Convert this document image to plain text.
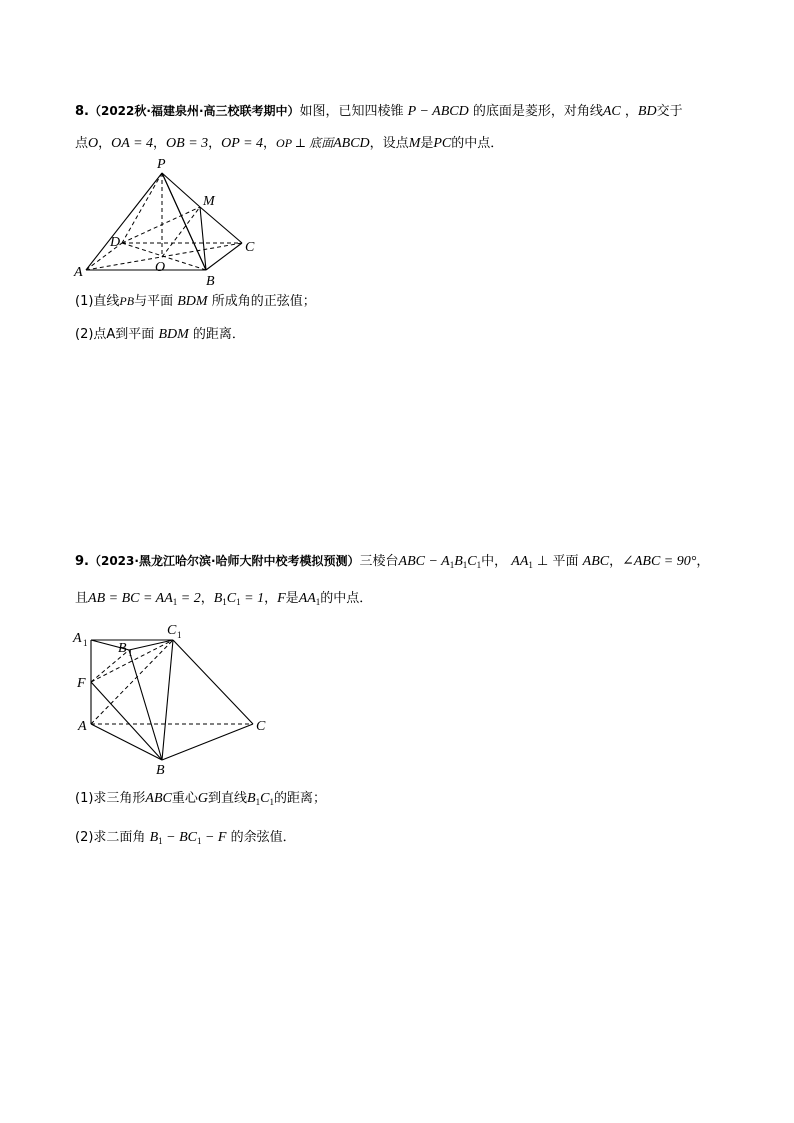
8.（2022秋·福建泉州·高三校联考期中）如图，已知四棱锥 P − ABCD 的底面是菱形，对角线AC ，BD交于
点O，OA = 4，OB = 3，OP = 4，OP ⊥ 底面ABCD，设点M是PC的中点．
P
M
D	C
A	O
B
(1)直线PB与平面 BDM 所成角的正弦值；
(2)点A到平面 BDM 的距离．
9.（2023·黑龙江哈尔滨·哈师大附中校考模拟预测）三棱台ABC − $A_1B_1C_1$中， $AA_1$ ⊥ 平面 ABC，∠ABC = 90°，
且AB = BC = $AA_1 = 2$，$B_1C_1 = 1$，F是$AA_1$的中点．
A 1 B 1
C 1
F
A	C
B
(1)求三角形ABC重心G到直线$B_1C_1$的距离；
(2)求二面角 $B_1 - BC_1 - F$ 的余弦值．
